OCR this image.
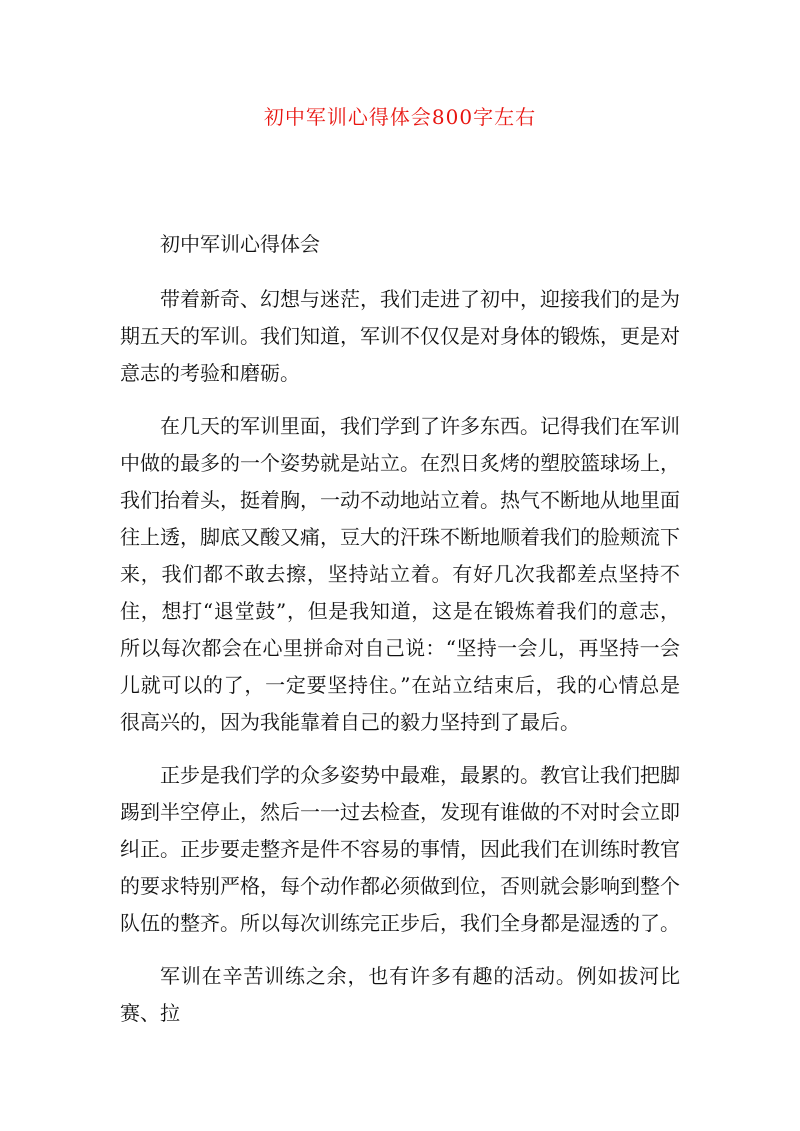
初中军训心得体会800字左右

初中军训心得体会

带着新奇、幻想与迷茫，我们走进了初中，迎接我们的是为期五天的军训。我们知道，军训不仅仅是对身体的锻炼，更是对意志的考验和磨砺。

在几天的军训里面，我们学到了许多东西。记得我们在军训中做的最多的一个姿势就是站立。在烈日炙烤的塑胶篮球场上，我们抬着头，挺着胸，一动不动地站立着。热气不断地从地里面往上透，脚底又酸又痛，豆大的汗珠不断地顺着我们的脸颊流下来，我们都不敢去擦，坚持站立着。有好几次我都差点坚持不住，想打“退堂鼓”，但是我知道，这是在锻炼着我们的意志，所以每次都会在心里拼命对自己说：“坚持一会儿，再坚持一会儿就可以的了，一定要坚持住。”在站立结束后，我的心情总是很高兴的，因为我能靠着自己的毅力坚持到了最后。

正步是我们学的众多姿势中最难，最累的。教官让我们把脚踢到半空停止，然后一一过去检查，发现有谁做的不对时会立即纠正。正步要走整齐是件不容易的事情，因此我们在训练时教官的要求特别严格，每个动作都必须做到位，否则就会影响到整个队伍的整齐。所以每次训练完正步后，我们全身都是湿透的了。

军训在辛苦训练之余，也有许多有趣的活动。例如拔河比赛、拉
